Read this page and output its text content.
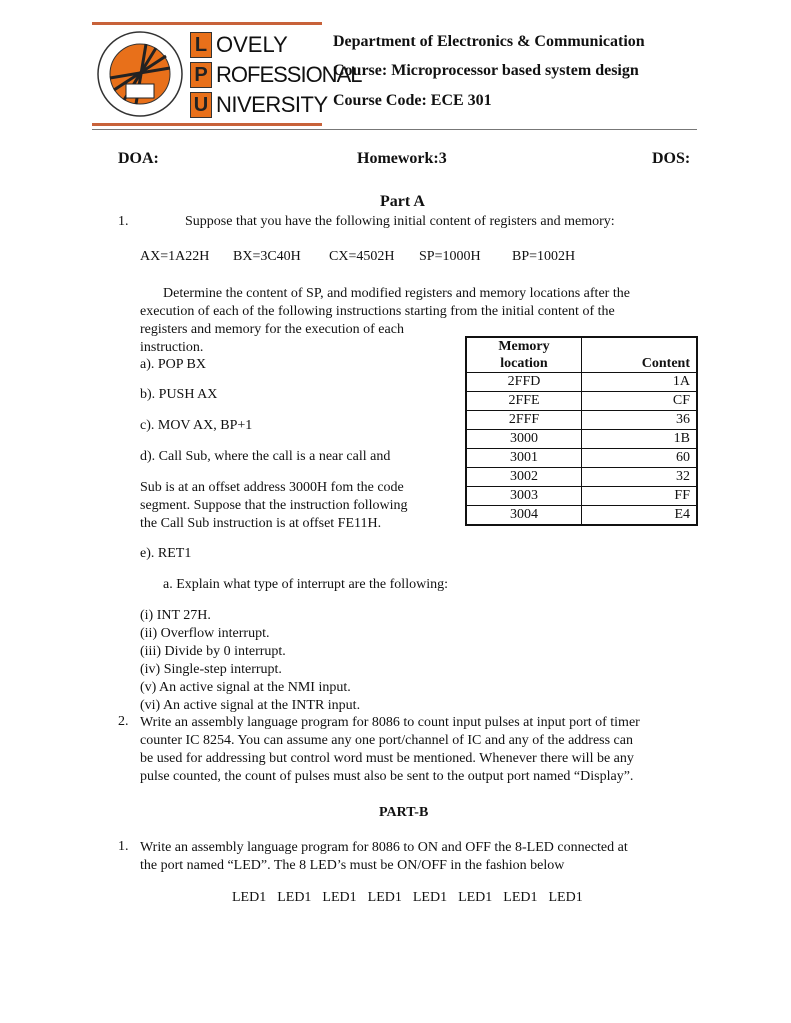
L OVELY
P ROFESSIONAL
U NIVERSITY
Department of Electronics & Communication
Course: Microprocessor based system design
Course Code: ECE 301
DOA:	Homework:3	DOS:
Part A
1.	Suppose that you have the following initial content of registers and memory:
AX=1A22H	BX=3C40H	CX=4502H	SP=1000H	BP=1002H
Determine the content of SP, and modified registers and memory locations after the
execution of each of the following instructions starting from the initial content of the
registers and memory for the execution of each
instruction.
a). POP BX
b). PUSH AX
c). MOV AX, BP+1
d). Call Sub, where the call is a near call and
Sub is at an offset address 3000H fom the code
segment. Suppose that the instruction following
the Call Sub instruction is at offset FE11H.
e). RET1
Memory
location	Content
2FFD	1A
2FFE	CF
2FFF	36
3000	1B
3001	60
3002	32
3003	FF
3004	E4
a. Explain what type of interrupt are the following:
(i) INT 27H.
(ii) Overflow interrupt.
(iii) Divide by 0 interrupt.
(iv) Single-step interrupt.
(v) An active signal at the NMI input.
(vi) An active signal at the INTR input.
2. Write an assembly language program for 8086 to count input pulses at input port of timer
counter IC 8254. You can assume any one port/channel of IC and any of the address can
be used for addressing but control word must be mentioned. Whenever there will be any
pulse counted, the count of pulses must also be sent to the output port named “Display”.
PART-B
1. Write an assembly language program for 8086 to ON and OFF the 8-LED connected at
the port named “LED”. The 8 LED’s must be ON/OFF in the fashion below
LED1  LED1  LED1  LED1  LED1  LED1  LED1  LED1
